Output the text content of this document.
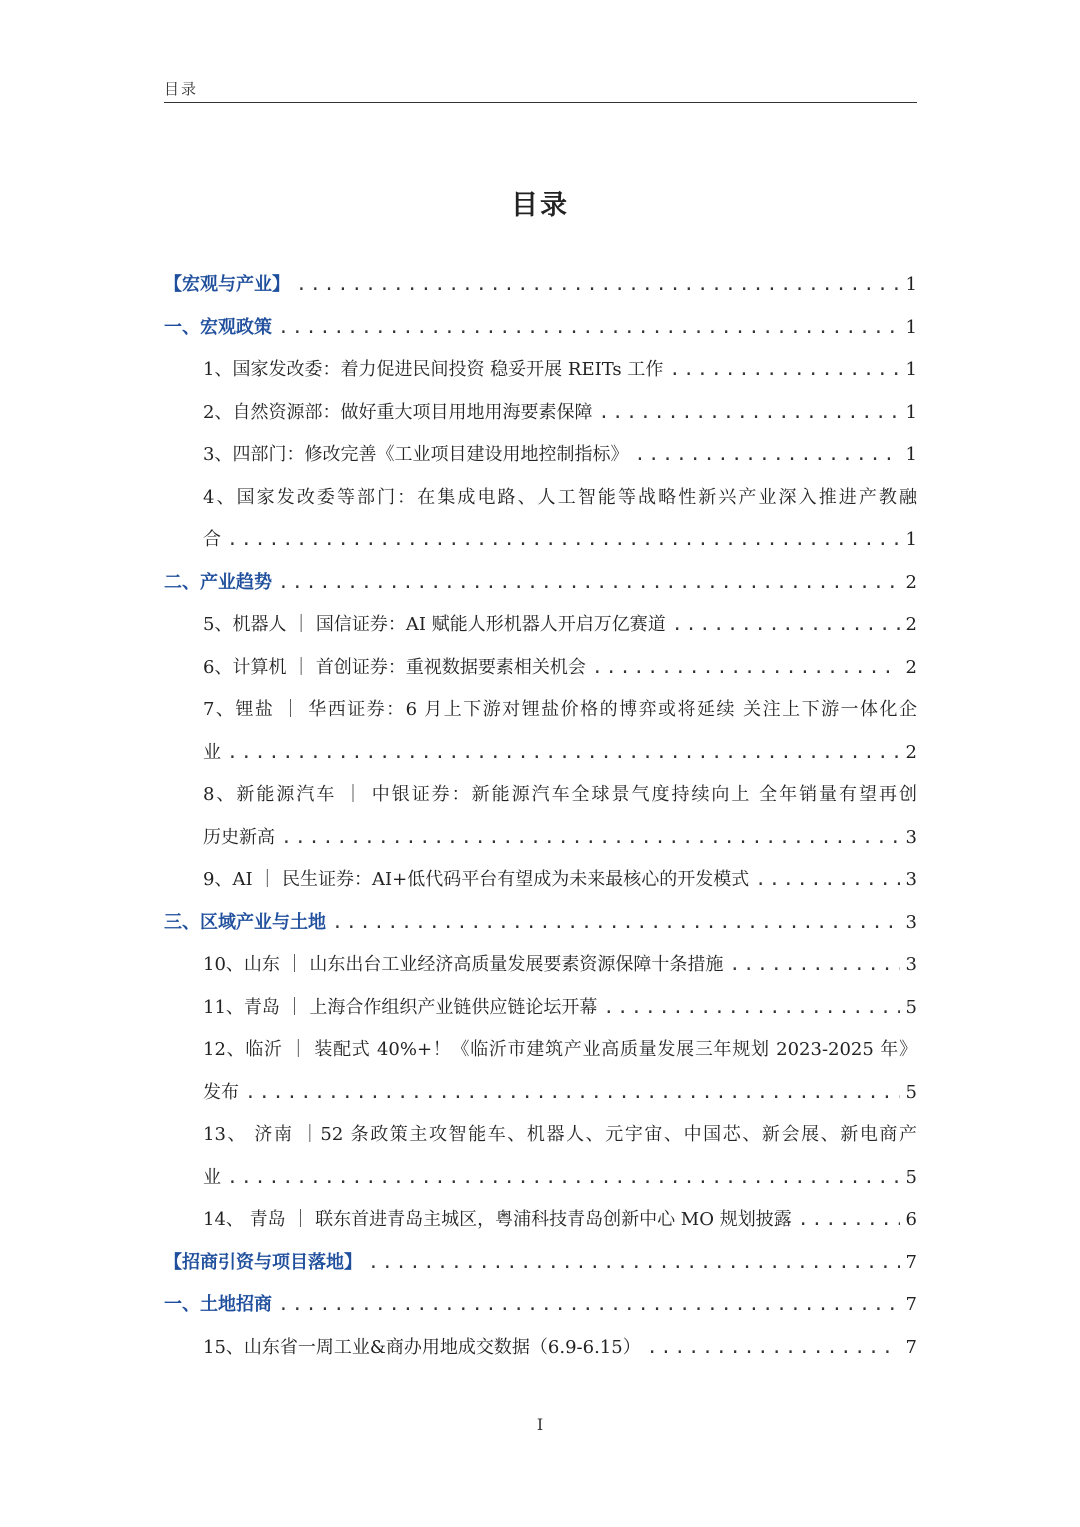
目录
目录
【宏观与产业】 .....	1
一、宏观政策 .....	1
1、国家发改委：着力促进民间投资 稳妥开展 REITs 工作 .....	1
2、自然资源部：做好重大项目用地用海要素保障 .....	1
3、四部门：修改完善《工业项目建设用地控制指标》 .....	1
4、国家发改委等部门：在集成电路、人工智能等战略性新兴产业深入推进产教融
合 .....	1
二、产业趋势 .....	2
5、机器人 ｜ 国信证券：AI 赋能人形机器人开启万亿赛道 .....	2
6、计算机 ｜ 首创证券：重视数据要素相关机会 .....	2
7、锂盐 ｜ 华西证券：6 月上下游对锂盐价格的博弈或将延续 关注上下游一体化企
业 .....	2
8、新能源汽车 ｜ 中银证券：新能源汽车全球景气度持续向上 全年销量有望再创
历史新高 .....	3
9、AI ｜ 民生证券：AI+低代码平台有望成为未来最核心的开发模式 .....	3
三、区域产业与土地 .....	3
10、山东 ｜ 山东出台工业经济高质量发展要素资源保障十条措施 .....	3
11、青岛 ｜ 上海合作组织产业链供应链论坛开幕 .....	5
12、临沂 ｜ 装配式 40%+！《临沂市建筑产业高质量发展三年规划 2023-2025 年》
发布 .....	5
13、 济南 ｜52 条政策主攻智能车、机器人、元宇宙、中国芯、新会展、新电商产
业 .....	5
14、 青岛 ｜ 联东首进青岛主城区，粤浦科技青岛创新中心 MO 规划披露 .....	6
【招商引资与项目落地】 .....	7
一、土地招商 .....	7
15、山东省一周工业&商办用地成交数据（6.9-6.15） .....	7
I
